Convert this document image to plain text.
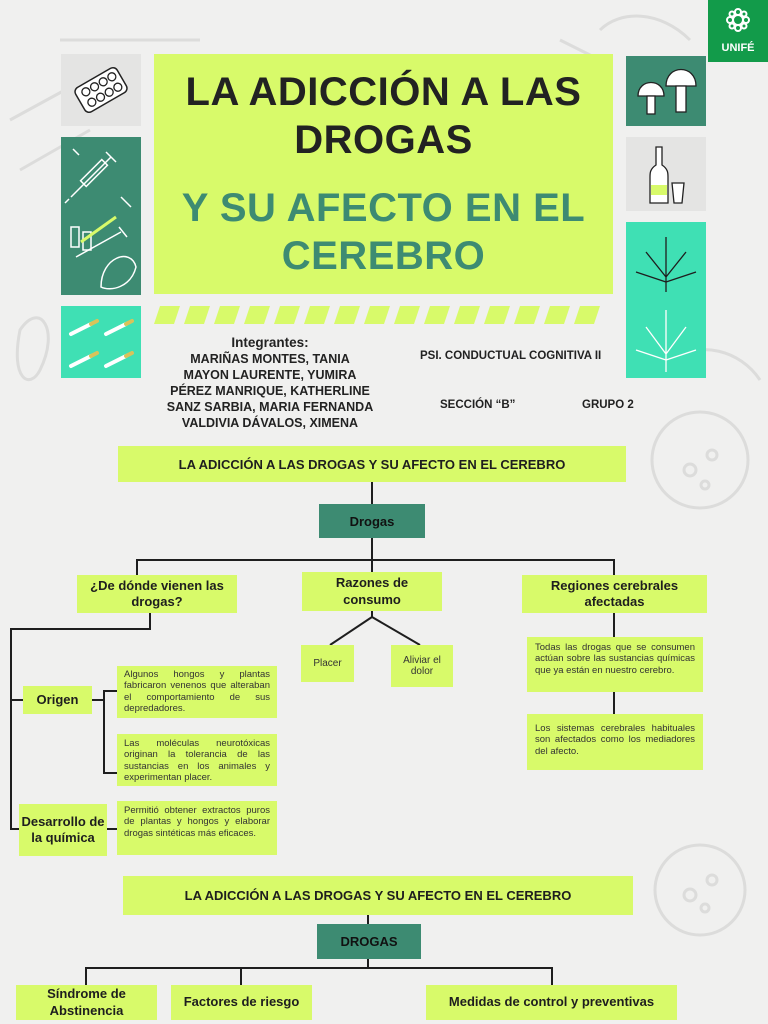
UNIFÉ
LA ADICCIÓN A LAS
DROGAS
Y SU AFECTO EN EL
CEREBRO
Integrantes:
MARIÑAS MONTES, TANIA
MAYON LAURENTE, YUMIRA
PÉREZ MANRIQUE, KATHERLINE
SANZ SARBIA, MARIA FERNANDA
VALDIVIA DÁVALOS, XIMENA
PSI. CONDUCTUAL COGNITIVA II
SECCIÓN “B”	GRUPO 2
LA ADICCIÓN A LAS DROGAS Y SU AFECTO EN EL CEREBRO
Drogas
¿De dónde vienen las drogas?
Razones de consumo
Regiones cerebrales afectadas
Origen
Algunos hongos y plantas fabricaron venenos que alteraban el comportamiento de sus depredadores.
Las moléculas neurotóxicas originan la tolerancia de las sustancias en los animales y experimentan placer.
Desarrollo de la química
Permitió obtener extractos puros de plantas y hongos y elaborar drogas sintéticas más eficaces.
Placer	Aliviar el dolor
Todas las drogas que se consumen actúan sobre las sustancias químicas que ya están en nuestro cerebro.
Los sistemas cerebrales habituales son afectados como los mediadores del afecto.
LA ADICCIÓN A LAS DROGAS Y SU AFECTO EN EL CEREBRO
DROGAS
Síndrome de Abstinencia
Factores de riesgo	Medidas de control y preventivas
